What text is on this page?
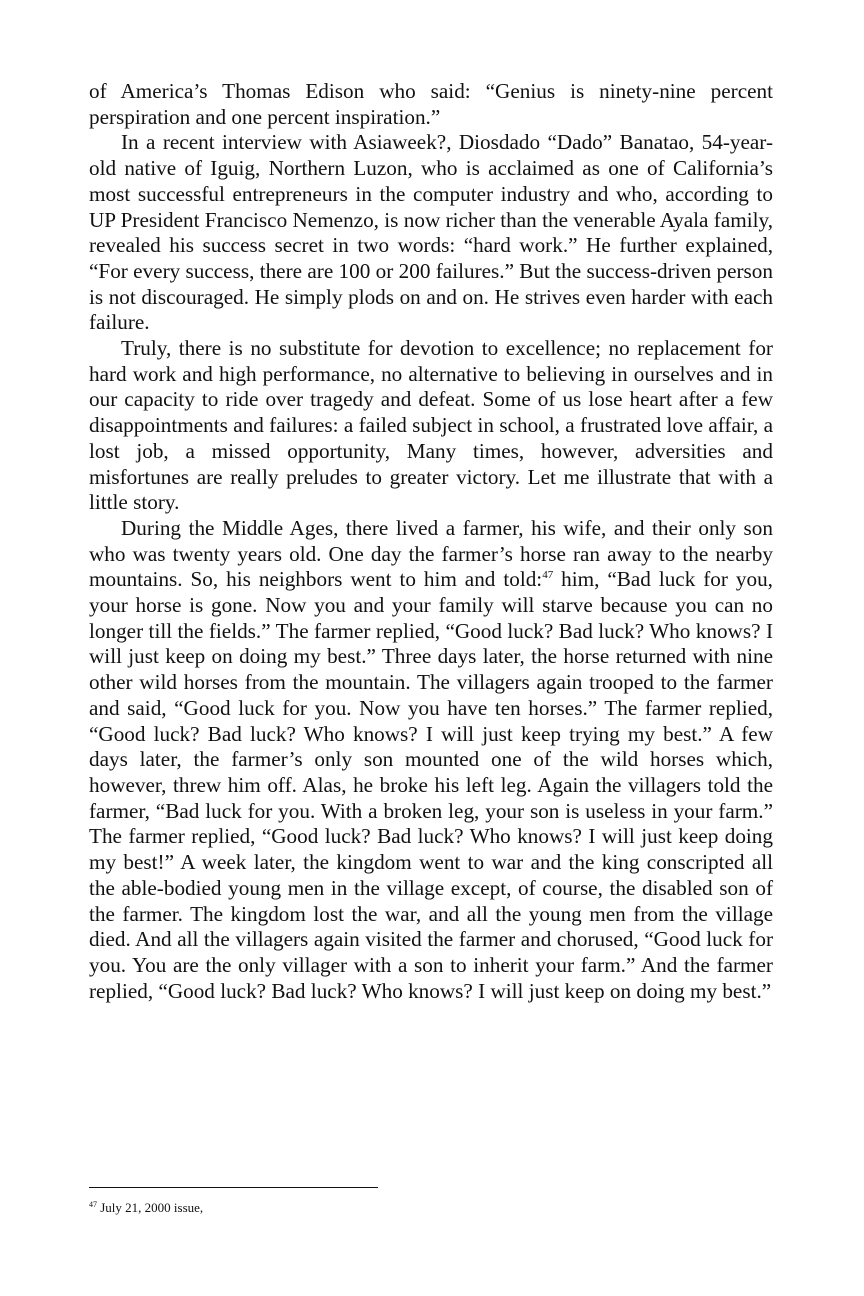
of America’s Thomas Edison who said: “Genius is ninety-nine percent perspiration and one percent inspiration.”

In a recent interview with Asiaweek?, Diosdado “Dado” Banatao, 54-year-old native of Iguig, Northern Luzon, who is acclaimed as one of California’s most successful entrepreneurs in the computer industry and who, according to UP President Francisco Nemenzo, is now richer than the venerable Ayala family, revealed his success secret in two words: “hard work.” He further explained, “For every success, there are 100 or 200 failures.” But the success-driven person is not discouraged. He simply plods on and on. He strives even harder with each failure.

Truly, there is no substitute for devotion to excellence; no replacement for hard work and high performance, no alternative to believing in ourselves and in our capacity to ride over tragedy and defeat. Some of us lose heart after a few disappointments and failures: a failed subject in school, a frustrated love affair, a lost job, a missed opportunity, Many times, however, adversities and misfortunes are really preludes to greater victory. Let me illustrate that with a little story.

During the Middle Ages, there lived a farmer, his wife, and their only son who was twenty years old. One day the farmer’s horse ran away to the nearby mountains. So, his neighbors went to him and told:$^{47}$ him, “Bad luck for you, your horse is gone. Now you and your family will starve because you can no longer till the fields.” The farmer replied, “Good luck? Bad luck? Who knows? I will just keep on doing my best.” Three days later, the horse returned with nine other wild horses from the mountain. The villagers again trooped to the farmer and said, “Good luck for you. Now you have ten horses.” The farmer replied, “Good luck? Bad luck? Who knows? I will just keep trying my best.” A few days later, the farmer’s only son mounted one of the wild horses which, however, threw him off. Alas, he broke his left leg. Again the villagers told the farmer, “Bad luck for you. With a broken leg, your son is useless in your farm.” The farmer replied, “Good luck? Bad luck? Who knows? I will just keep doing my best!” A week later, the kingdom went to war and the king conscripted all the able-bodied young men in the village except, of course, the disabled son of the farmer. The kingdom lost the war, and all the young men from the village died. And all the villagers again visited the farmer and chorused, “Good luck for you. You are the only villager with a son to inherit your farm.” And the farmer replied, “Good luck? Bad luck? Who knows? I will just keep on doing my best.”

$^{47}$ July 21, 2000 issue,
